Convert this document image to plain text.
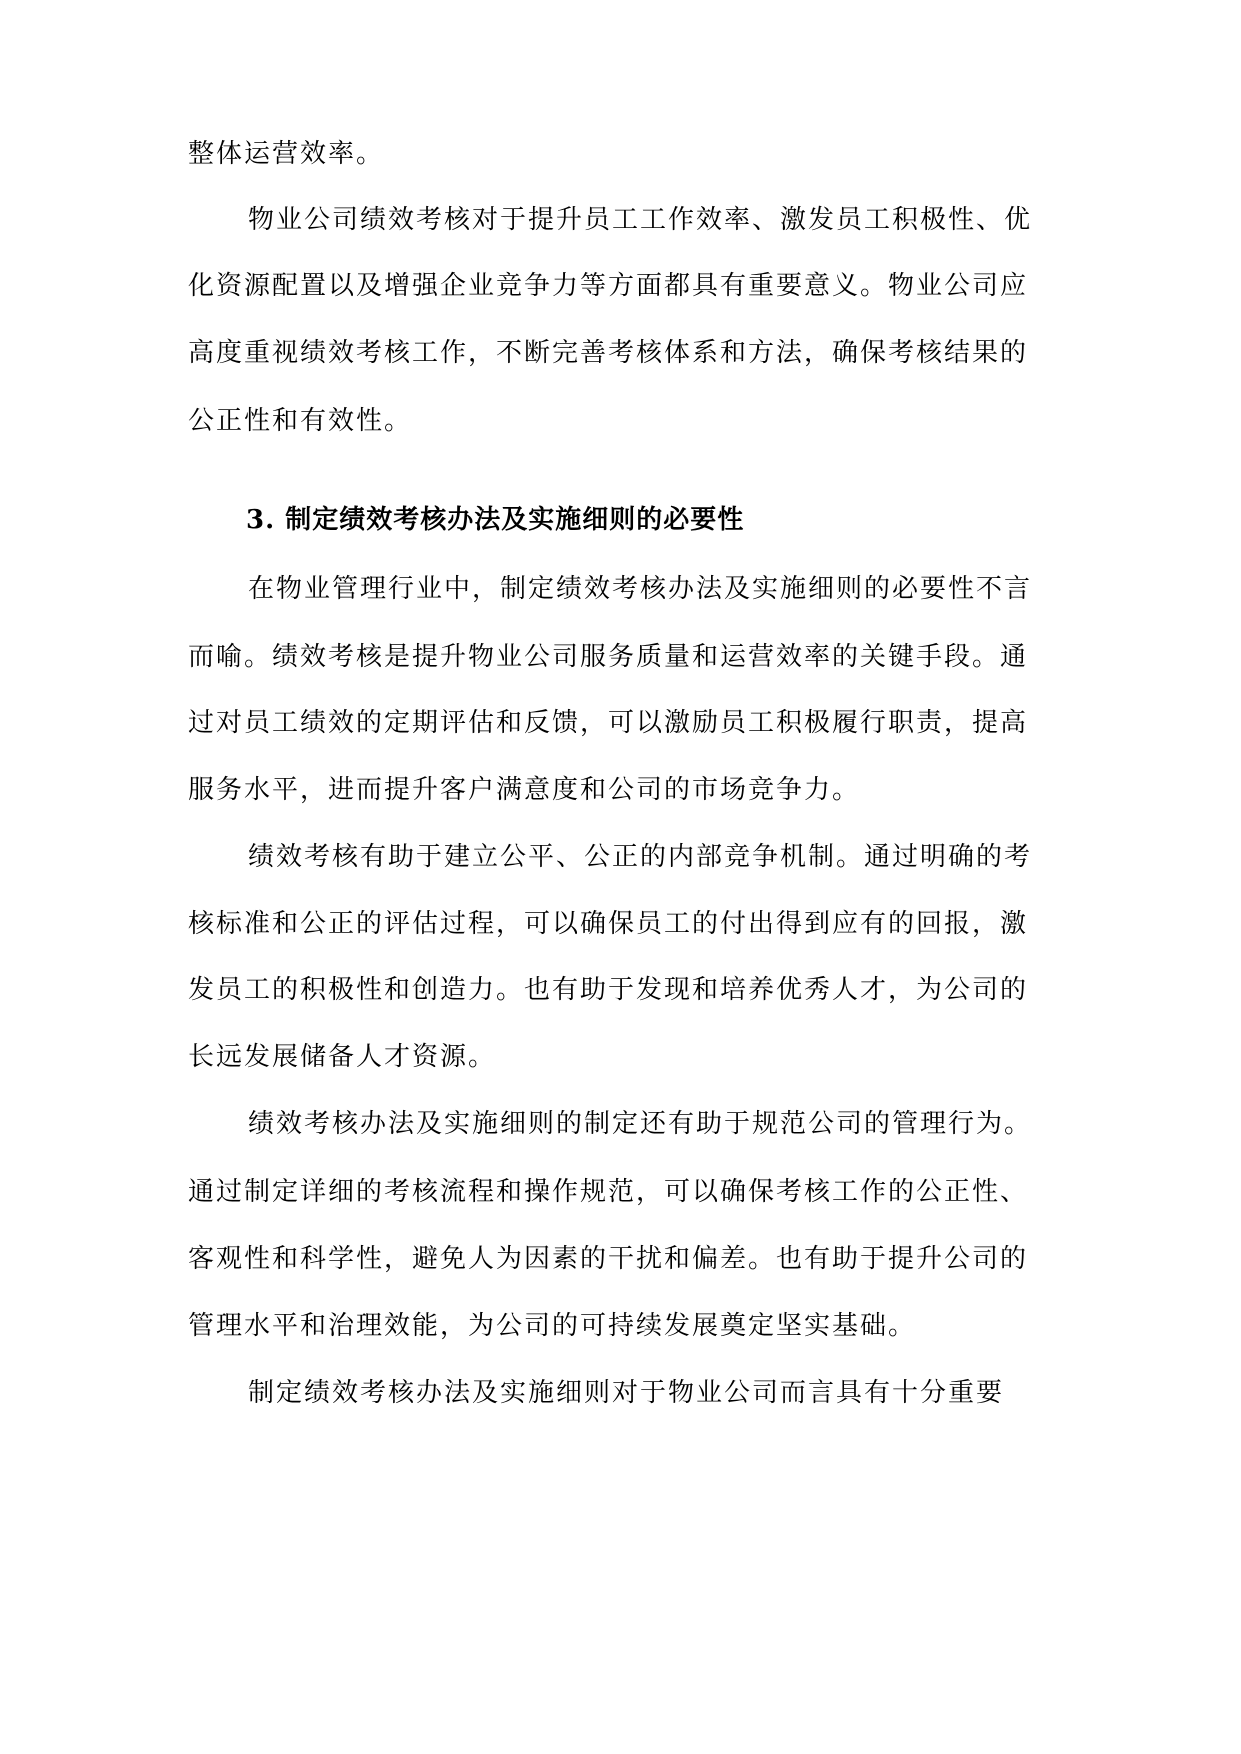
整体运营效率。
物业公司绩效考核对于提升员工工作效率、激发员工积极性、优
化资源配置以及增强企业竞争力等方面都具有重要意义。物业公司应
高度重视绩效考核工作，不断完善考核体系和方法，确保考核结果的
公正性和有效性。
3. 制定绩效考核办法及实施细则的必要性
在物业管理行业中，制定绩效考核办法及实施细则的必要性不言
而喻。绩效考核是提升物业公司服务质量和运营效率的关键手段。通
过对员工绩效的定期评估和反馈，可以激励员工积极履行职责，提高
服务水平，进而提升客户满意度和公司的市场竞争力。
绩效考核有助于建立公平、公正的内部竞争机制。通过明确的考
核标准和公正的评估过程，可以确保员工的付出得到应有的回报，激
发员工的积极性和创造力。也有助于发现和培养优秀人才，为公司的
长远发展储备人才资源。
绩效考核办法及实施细则的制定还有助于规范公司的管理行为。
通过制定详细的考核流程和操作规范，可以确保考核工作的公正性、
客观性和科学性，避免人为因素的干扰和偏差。也有助于提升公司的
管理水平和治理效能，为公司的可持续发展奠定坚实基础。
制定绩效考核办法及实施细则对于物业公司而言具有十分重要
